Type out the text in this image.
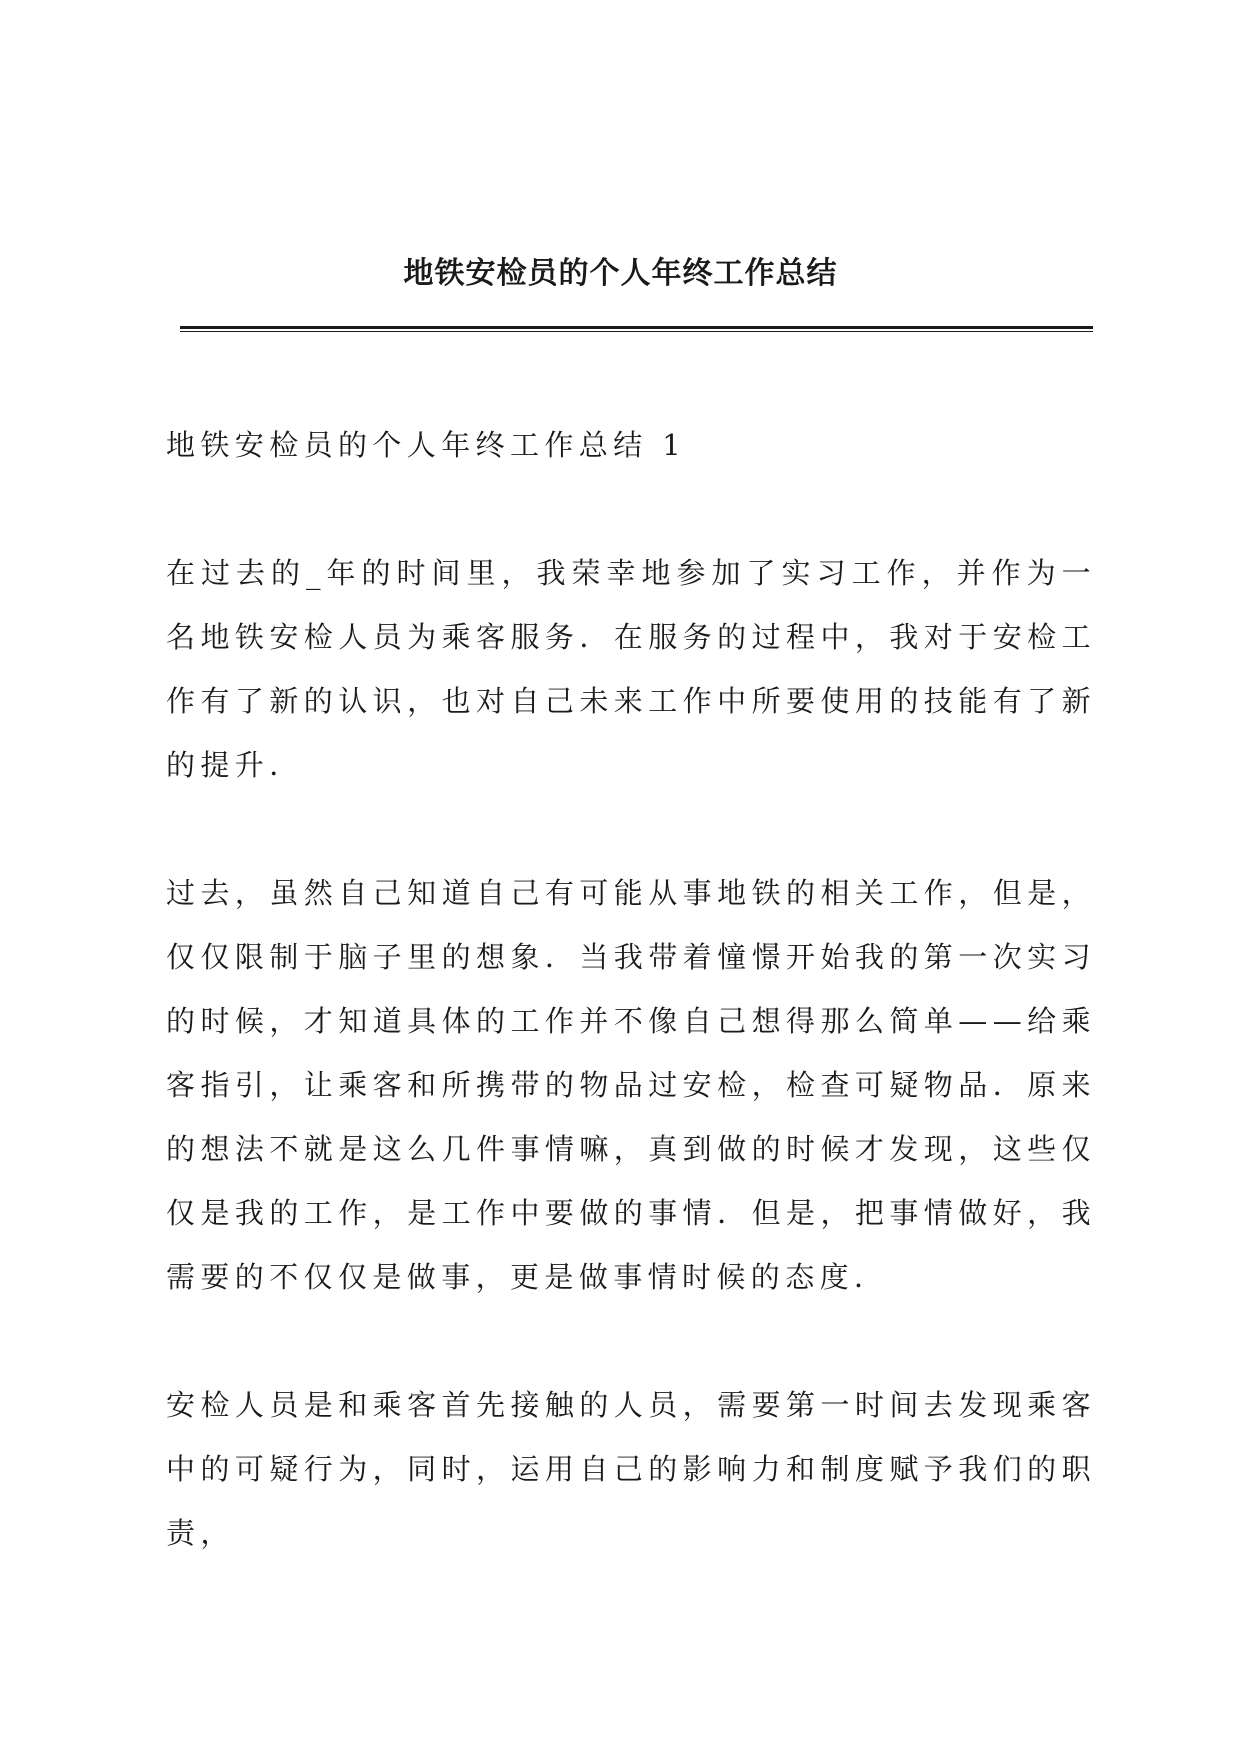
地铁安检员的个人年终工作总结

地铁安检员的个人年终工作总结 1

在过去的_年的时间里，我荣幸地参加了实习工作，并作为一名地铁安检人员为乘客服务．在服务的过程中，我对于安检工作有了新的认识，也对自己未来工作中所要使用的技能有了新的提升．

过去，虽然自己知道自己有可能从事地铁的相关工作，但是，仅仅限制于脑子里的想象．当我带着憧憬开始我的第一次实习的时候，才知道具体的工作并不像自己想得那么简单——给乘客指引，让乘客和所携带的物品过安检，检查可疑物品．原来的想法不就是这么几件事情嘛，真到做的时候才发现，这些仅仅是我的工作，是工作中要做的事情．但是，把事情做好，我需要的不仅仅是做事，更是做事情时候的态度．

安检人员是和乘客首先接触的人员，需要第一时间去发现乘客中的可疑行为，同时，运用自己的影响力和制度赋予我们的职责，
